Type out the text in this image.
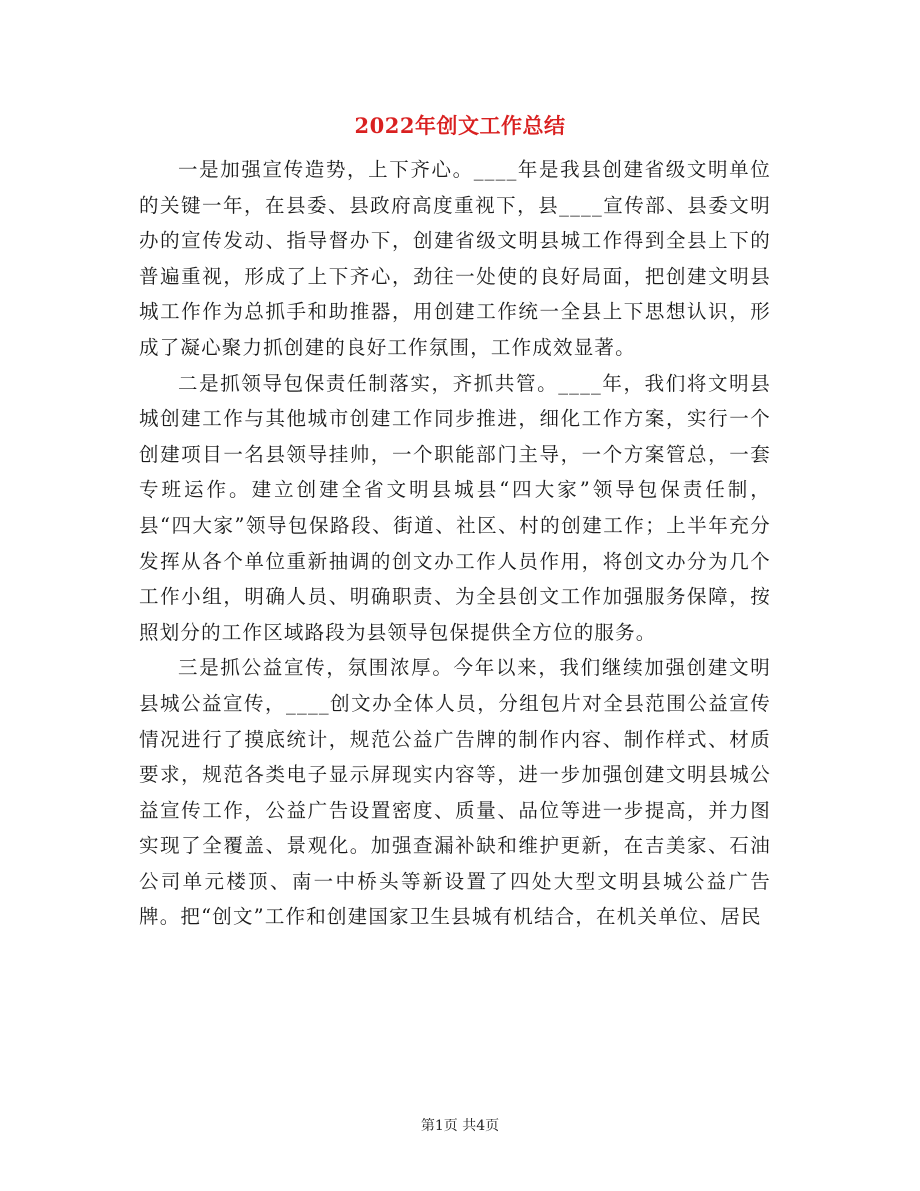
2022年创文工作总结

一是加强宣传造势，上下齐心。____年是我县创建省级文明单位的关键一年，在县委、县政府高度重视下，县____宣传部、县委文明办的宣传发动、指导督办下，创建省级文明县城工作得到全县上下的普遍重视，形成了上下齐心，劲往一处使的良好局面，把创建文明县城工作作为总抓手和助推器，用创建工作统一全县上下思想认识，形成了凝心聚力抓创建的良好工作氛围，工作成效显著。

二是抓领导包保责任制落实，齐抓共管。____年，我们将文明县城创建工作与其他城市创建工作同步推进，细化工作方案，实行一个创建项目一名县领导挂帅，一个职能部门主导，一个方案管总，一套专班运作。建立创建全省文明县城县“四大家”领导包保责任制，县“四大家”领导包保路段、街道、社区、村的创建工作；上半年充分发挥从各个单位重新抽调的创文办工作人员作用，将创文办分为几个工作小组，明确人员、明确职责、为全县创文工作加强服务保障，按照划分的工作区域路段为县领导包保提供全方位的服务。

三是抓公益宣传，氛围浓厚。今年以来，我们继续加强创建文明县城公益宣传，____创文办全体人员，分组包片对全县范围公益宣传情况进行了摸底统计，规范公益广告牌的制作内容、制作样式、材质要求，规范各类电子显示屏现实内容等，进一步加强创建文明县城公益宣传工作，公益广告设置密度、质量、品位等进一步提高，并力图实现了全覆盖、景观化。加强查漏补缺和维护更新，在吉美家、石油公司单元楼顶、南一中桥头等新设置了四处大型文明县城公益广告牌。把“创文”工作和创建国家卫生县城有机结合，在机关单位、居民

第1页 共4页
